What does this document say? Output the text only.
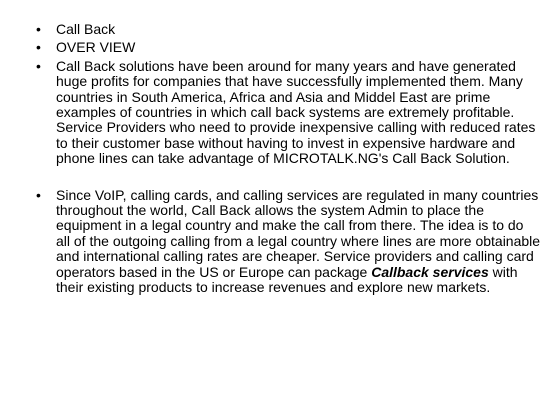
• Call Back
• OVER VIEW
• Call Back solutions have been around for many years and have generated huge profits for companies that have successfully implemented them. Many countries in South America, Africa and Asia and Middel East are prime examples of countries in which call back systems are extremely profitable. Service Providers who need to provide inexpensive calling with reduced rates to their customer base without having to invest in expensive hardware and phone lines can take advantage of MICROTALK.NG's Call Back Solution.
• Since VoIP, calling cards, and calling services are regulated in many countries throughout the world, Call Back allows the system Admin to place the equipment in a legal country and make the call from there. The idea is to do all of the outgoing calling from a legal country where lines are more obtainable and international calling rates are cheaper. Service providers and calling card operators based in the US or Europe can package Callback services with their existing products to increase revenues and explore new markets.
